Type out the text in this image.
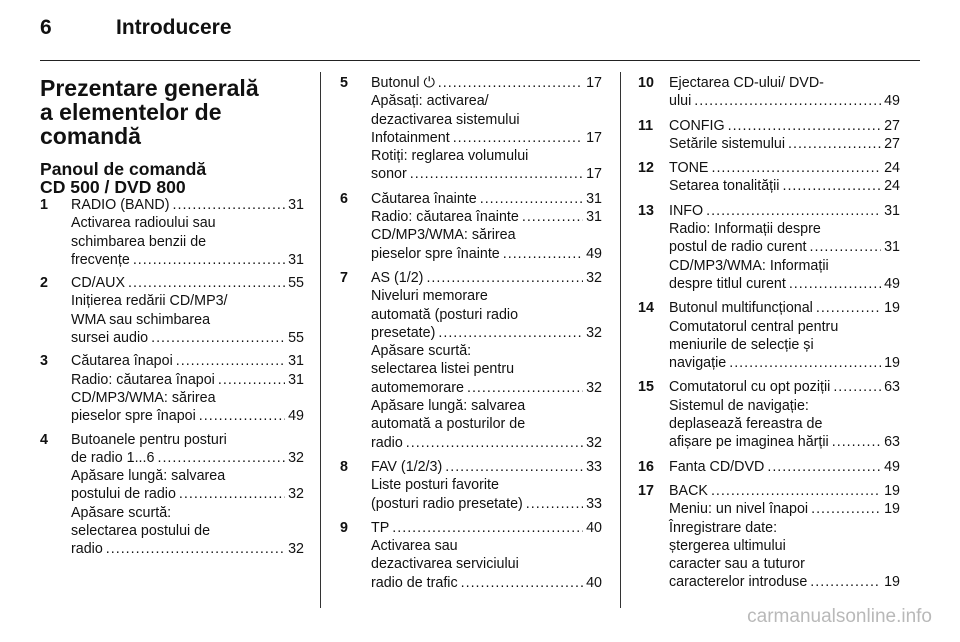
6	Introducere
Prezentare generală
a elementelor de comandă
Panoul de comandă
CD 500 / DVD 800
1 RADIO (BAND) .....	31
Activarea radioului sau
schimbarea benzii de
frecvențe .....	31
2 CD/AUX .....	55
Inițierea redării CD/MP3/
WMA sau schimbarea
sursei audio .....	55
3 Căutarea înapoi .....	31
Radio: căutarea înapoi .....	31
CD/MP3/WMA: sărirea
pieselor spre înapoi .....	49
4 Butoanele pentru posturi
de radio 1...6 .....	32
Apăsare lungă: salvarea
postului de radio .....	32
Apăsare scurtă:
selectarea postului de
radio .....	32
5 Butonul ⏻ .....	17
Apăsați: activarea/
dezactivarea sistemului
Infotainment .....	17
Rotiți: reglarea volumului
sonor .....	17
6 Căutarea înainte .....	31
Radio: căutarea înainte .....	31
CD/MP3/WMA: sărirea
pieselor spre înainte .....	49
7 AS (1/2) .....	32
Niveluri memorare
automată (posturi radio
presetate) .....	32
Apăsare scurtă:
selectarea listei pentru
automemorare .....	32
Apăsare lungă: salvarea
automată a posturilor de
radio .....	32
8 FAV (1/2/3) .....	33
Liste posturi favorite
(posturi radio presetate) .....	33
9 TP .....	40
Activarea sau
dezactivarea serviciului
radio de trafic .....	40
10 Ejectarea CD-ului/ DVD-
ului .....	49
11 CONFIG .....	27
Setările sistemului .....	27
12 TONE .....	24
Setarea tonalității .....	24
13 INFO .....	31
Radio: Informații despre
postul de radio curent .....	31
CD/MP3/WMA: Informații
despre titlul curent .....	49
14 Butonul multifuncțional .....	19
Comutatorul central pentru
meniurile de selecție și
navigație .....	19
15 Comutatorul cu opt poziții .....	63
Sistemul de navigație:
deplasează fereastra de
afișare pe imaginea hărții .....	63
16 Fanta CD/DVD .....	49
17 BACK .....	19
Meniu: un nivel înapoi .....	19
Înregistrare date:
ștergerea ultimului
caracter sau a tuturor
caracterelor introduse .....	19
carmanualsonline.info
